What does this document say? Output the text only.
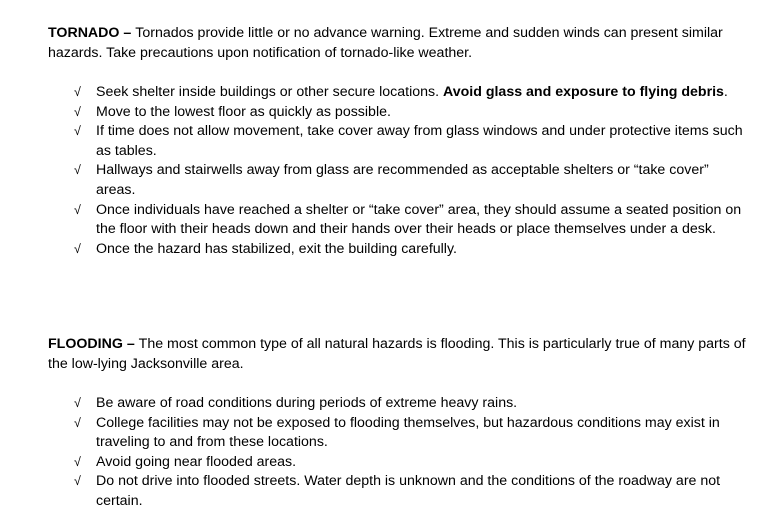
TORNADO – Tornados provide little or no advance warning. Extreme and sudden winds can present similar hazards. Take precautions upon notification of tornado-like weather.

√	Seek shelter inside buildings or other secure locations. Avoid glass and exposure to flying debris.
√	Move to the lowest floor as quickly as possible.
√	If time does not allow movement, take cover away from glass windows and under protective items such as tables.
√	Hallways and stairwells away from glass are recommended as acceptable shelters or “take cover” areas.
√	Once individuals have reached a shelter or “take cover” area, they should assume a seated position on the floor with their heads down and their hands over their heads or place themselves under a desk.
√	Once the hazard has stabilized, exit the building carefully.

FLOODING – The most common type of all natural hazards is flooding. This is particularly true of many parts of the low-lying Jacksonville area.

√	Be aware of road conditions during periods of extreme heavy rains.
√	College facilities may not be exposed to flooding themselves, but hazardous conditions may exist in traveling to and from these locations.
√	Avoid going near flooded areas.
√	Do not drive into flooded streets. Water depth is unknown and the conditions of the roadway are not certain.
